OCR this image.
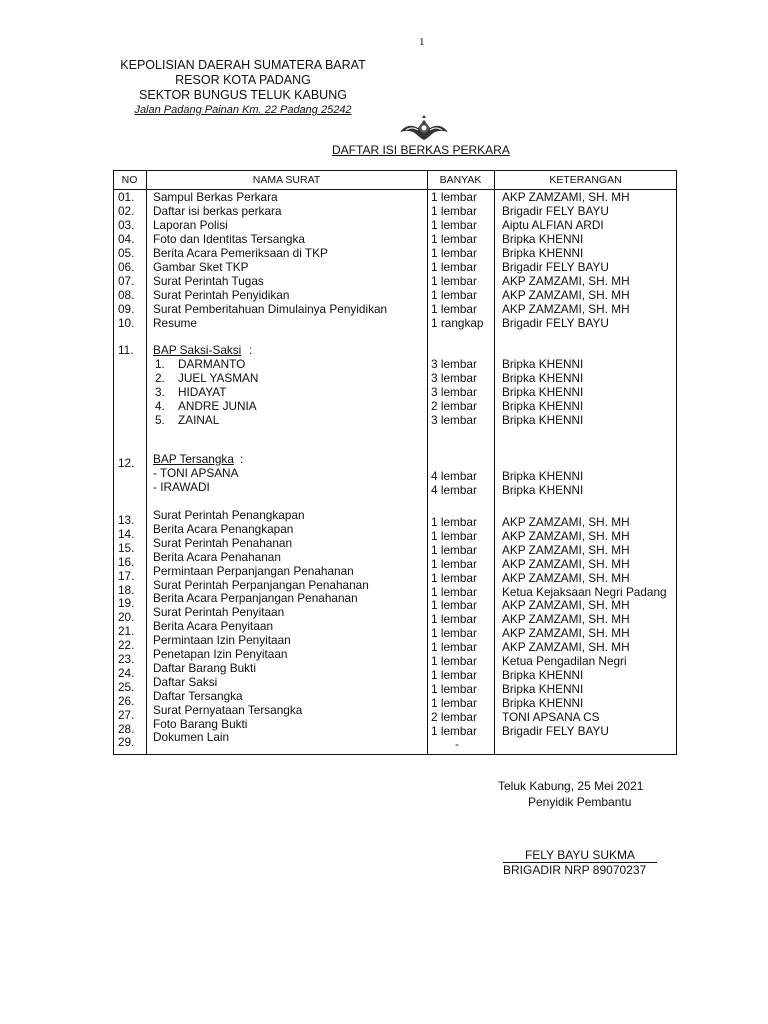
1
KEPOLISIAN DAERAH SUMATERA BARAT
RESOR KOTA PADANG
SEKTOR BUNGUS TELUK KABUNG
Jalan Padang Painan Km. 22 Padang 25242
DAFTAR ISI BERKAS PERKARA
NO	NAMA SURAT	BANYAK	KETERANGAN
01. Sampul Berkas Perkara	1 lembar AKP ZAMZAMI, SH. MH
02. Daftar isi berkas perkara	1 lembar Brigadir FELY BAYU
03. Laporan Polisi	1 lembar Aiptu ALFIAN ARDI
04. Foto dan Identitas Tersangka	1 lembar Bripka KHENNI
05. Berita Acara Pemeriksaan di TKP	1 lembar Bripka KHENNI
06. Gambar Sket TKP	1 lembar Brigadir FELY BAYU
07. Surat Perintah Tugas	1 lembar AKP ZAMZAMI, SH. MH
08. Surat Perintah Penyidikan	1 lembar AKP ZAMZAMI, SH. MH
09. Surat Pemberitahuan Dimulainya Penyidikan	1 lembar AKP ZAMZAMI, SH. MH
10. Resume	1 rangkap Brigadir FELY BAYU
11. BAP Saksi-Saksi :
1. DARMANTO	3 lembar Bripka KHENNI
2. JUEL YASMAN	3 lembar Bripka KHENNI
3. HIDAYAT	3 lembar Bripka KHENNI
4. ANDRE JUNIA	2 lembar Bripka KHENNI
5. ZAINAL	3 lembar Bripka KHENNI
12. BAP Tersangka :
- TONI APSANA	4 lembar Bripka KHENNI
- IRAWADI	4 lembar Bripka KHENNI
13. Surat Perintah Penangkapan	1 lembar AKP ZAMZAMI, SH. MH
14. Berita Acara Penangkapan	1 lembar AKP ZAMZAMI, SH. MH
15. Surat Perintah Penahanan	1 lembar AKP ZAMZAMI, SH. MH
16. Berita Acara Penahanan	1 lembar AKP ZAMZAMI, SH. MH
17. Permintaan Perpanjangan Penahanan	1 lembar AKP ZAMZAMI, SH. MH
18. Surat Perintah Perpanjangan Penahanan	1 lembar Ketua Kejaksaan Negri Padang
19. Berita Acara Perpanjangan Penahanan	1 lembar AKP ZAMZAMI, SH. MH
20. Surat Perintah Penyitaan	1 lembar AKP ZAMZAMI, SH. MH
21. Berita Acara Penyitaan	1 lembar AKP ZAMZAMI, SH. MH
22. Permintaan Izin Penyitaan	1 lembar AKP ZAMZAMI, SH. MH
23. Penetapan Izin Penyitaan	1 lembar Ketua Pengadilan Negri
24. Daftar Barang Bukti	1 lembar Bripka KHENNI
25. Daftar Saksi	1 lembar Bripka KHENNI
26. Daftar Tersangka	1 lembar Bripka KHENNI
27. Surat Pernyataan Tersangka	2 lembar TONI APSANA CS
28. Foto Barang Bukti	1 lembar Brigadir FELY BAYU
29. Dokumen Lain	-
Teluk Kabung, 25 Mei 2021
Penyidik Pembantu
FELY BAYU SUKMA
BRIGADIR NRP 89070237
